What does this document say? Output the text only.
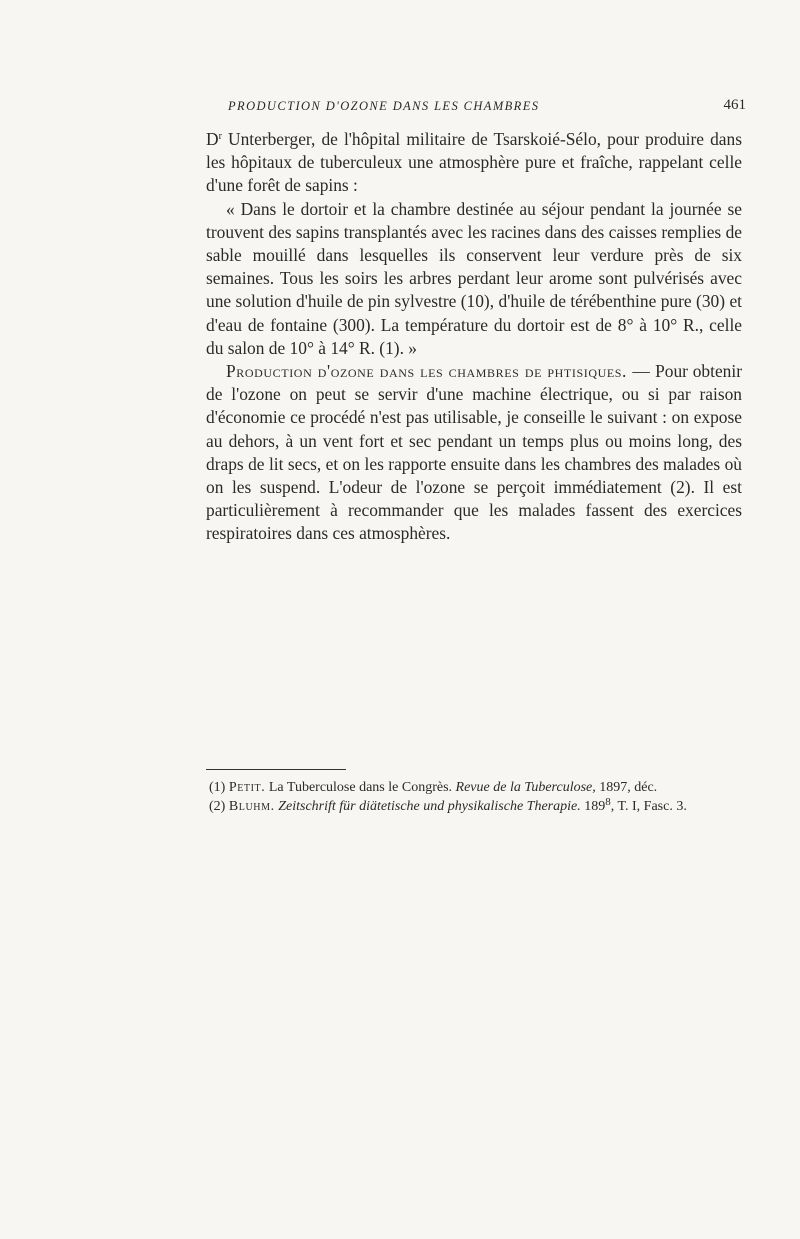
PRODUCTION D'OZONE DANS LES CHAMBRES	461

$D^r$ Unterberger, de l'hôpital militaire de Tsarskoié-Sélo, pour produire dans les hôpitaux de tuberculeux une atmosphère pure et fraîche, rappelant celle d'une forêt de sapins :

« Dans le dortoir et la chambre destinée au séjour pendant la journée se trouvent des sapins transplantés avec les racines dans des caisses remplies de sable mouillé dans lesquelles ils conservent leur verdure près de six semaines. Tous les soirs les arbres perdant leur arome sont pulvérisés avec une solution d'huile de pin sylvestre (10), d'huile de térébenthine pure (30) et d'eau de fontaine (300). La température du dortoir est de 8° à 10° R., celle du salon de 10° à 14° R. (1). »

Production d'ozone dans les chambres de phtisiques. — Pour obtenir de l'ozone on peut se servir d'une machine électrique, ou si par raison d'économie ce procédé n'est pas utilisable, je conseille le suivant : on expose au dehors, à un vent fort et sec pendant un temps plus ou moins long, des draps de lit secs, et on les rapporte ensuite dans les chambres des malades où on les suspend. L'odeur de l'ozone se perçoit immédiatement (2). Il est particulièrement à recommander que les malades fassent des exercices respiratoires dans ces atmosphères.

(1) Petit. La Tuberculose dans le Congrès. Revue de la Tuberculose, 1897, déc.

(2) Bluhm. Zeitschrift für diätetische und physikalische Therapie. $189^8$, T. I, Fasc. 3.
